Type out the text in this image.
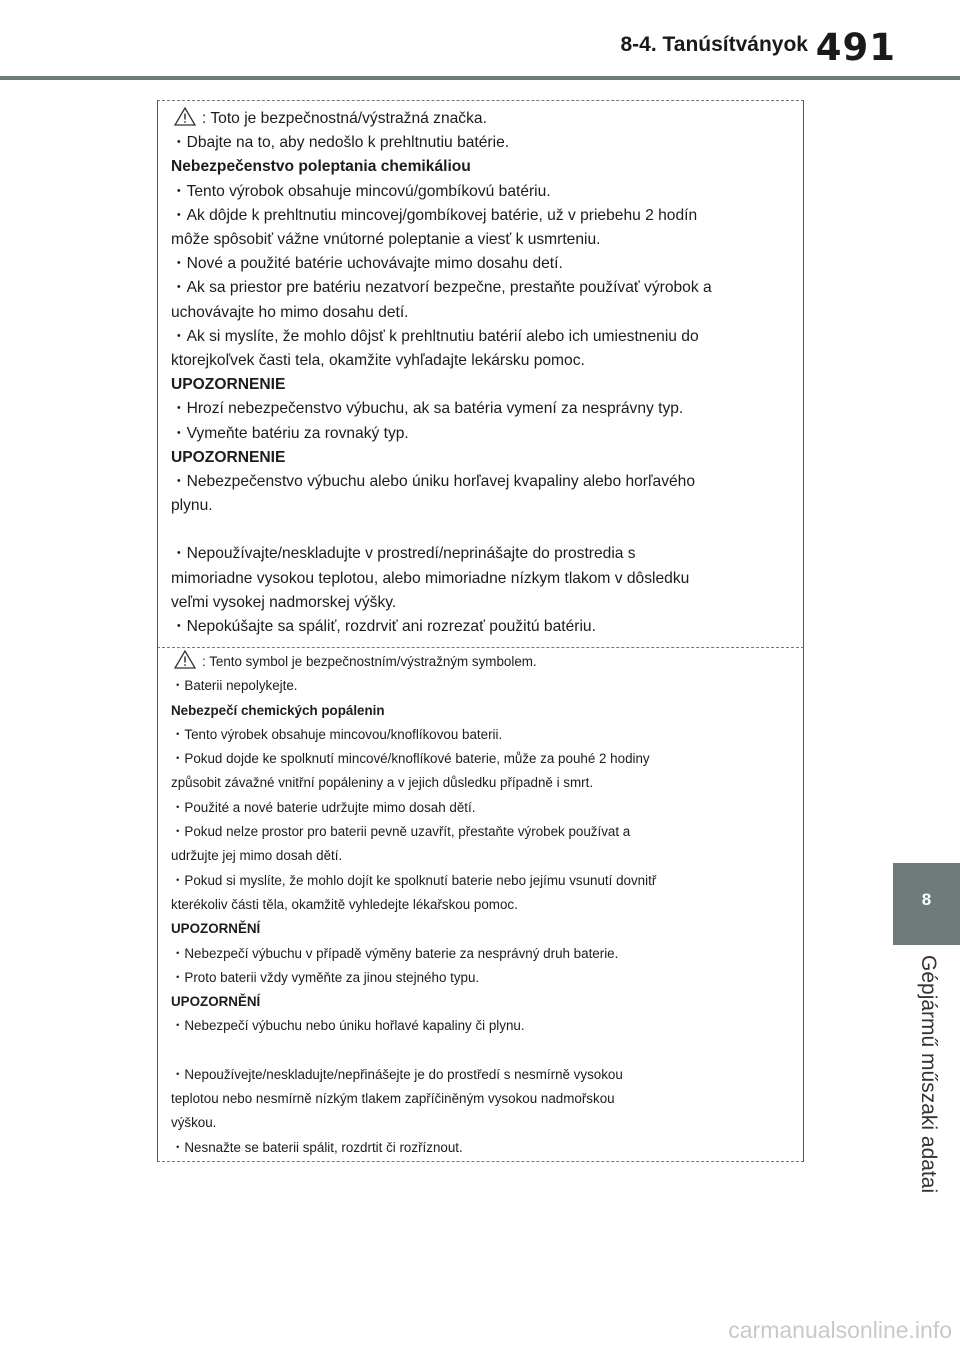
8-4. Tanúsítványok 491
: Toto je bezpečnostná/výstražná značka.
・Dbajte na to, aby nedošlo k prehltnutiu batérie.
Nebezpečenstvo poleptania chemikáliou
・Tento výrobok obsahuje mincovú/gombíkovú batériu.
・Ak dôjde k prehltnutiu mincovej/gombíkovej batérie, už v priebehu 2 hodín
môže spôsobiť vážne vnútorné poleptanie a viesť k usmrteniu.
・Nové a použité batérie uchovávajte mimo dosahu detí.
・Ak sa priestor pre batériu nezatvorí bezpečne, prestaňte používať výrobok a
uchovávajte ho mimo dosahu detí.
・Ak si myslíte, že mohlo dôjsť k prehltnutiu batérií alebo ich umiestneniu do
ktorejkoľvek časti tela, okamžite vyhľadajte lekársku pomoc.
UPOZORNENIE
・Hrozí nebezpečenstvo výbuchu, ak sa batéria vymení za nesprávny typ.
・Vymeňte batériu za rovnaký typ.
UPOZORNENIE
・Nebezpečenstvo výbuchu alebo úniku horľavej kvapaliny alebo horľavého
plynu.
・Nepoužívajte/neskladujte v prostredí/neprinášajte do prostredia s
mimoriadne vysokou teplotou, alebo mimoriadne nízkym tlakom v dôsledku
veľmi vysokej nadmorskej výšky.
・Nepokúšajte sa spáliť, rozdrviť ani rozrezať použitú batériu.
: Tento symbol je bezpečnostním/výstražným symbolem.
・Baterii nepolykejte.
Nebezpečí chemických popálenin
・Tento výrobek obsahuje mincovou/knoflíkovou baterii.
・Pokud dojde ke spolknutí mincové/knoflíkové baterie, může za pouhé 2 hodiny
způsobit závažné vnitřní popáleniny a v jejich důsledku případně i smrt.
・Použité a nové baterie udržujte mimo dosah dětí.
・Pokud nelze prostor pro baterii pevně uzavřít, přestaňte výrobek používat a
udržujte jej mimo dosah dětí.
・Pokud si myslíte, že mohlo dojít ke spolknutí baterie nebo jejímu vsunutí dovnitř
kterékoliv části těla, okamžitě vyhledejte lékařskou pomoc.
UPOZORNĚNÍ
・Nebezpečí výbuchu v případě výměny baterie za nesprávný druh baterie.
・Proto baterii vždy vyměňte za jinou stejného typu.
UPOZORNĚNÍ
・Nebezpečí výbuchu nebo úniku hořlavé kapaliny či plynu.
・Nepoužívejte/neskladujte/nepřinášejte je do prostředí s nesmírně vysokou
teplotou nebo nesmírně nízkým tlakem zapříčiněným vysokou nadmořskou
výškou.
・Nesnažte se baterii spálit, rozdrtit či rozříznout.
8
Gépjármű műszaki adatai
carmanualsonline.info
